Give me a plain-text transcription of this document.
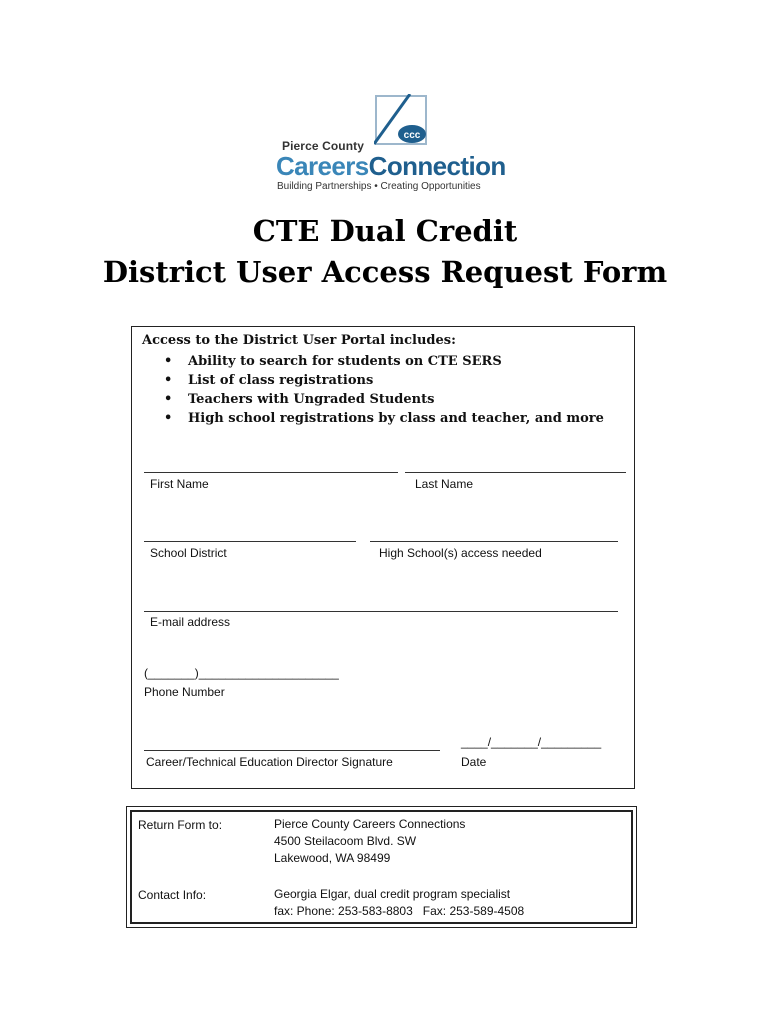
ccc
Pierce County
CareersConnection
Building Partnerships • Creating Opportunities
CTE Dual Credit
District User Access Request Form
Access to the District User Portal includes:
• Ability to search for students on CTE SERS
• List of class registrations
• Teachers with Ungraded Students
• High school registrations by class and teacher, and more
First Name	Last Name
School District	High School(s) access needed
E-mail address
(_______)_____________________
Phone Number
____/_______/_________
Career/Technical Education Director Signature	Date
Return Form to:	Pierce County Careers Connections
4500 Steilacoom Blvd. SW
Lakewood, WA 98499
Contact Info:	Georgia Elgar, dual credit program specialist
fax: Phone: 253-583-8803   Fax: 253-589-4508
